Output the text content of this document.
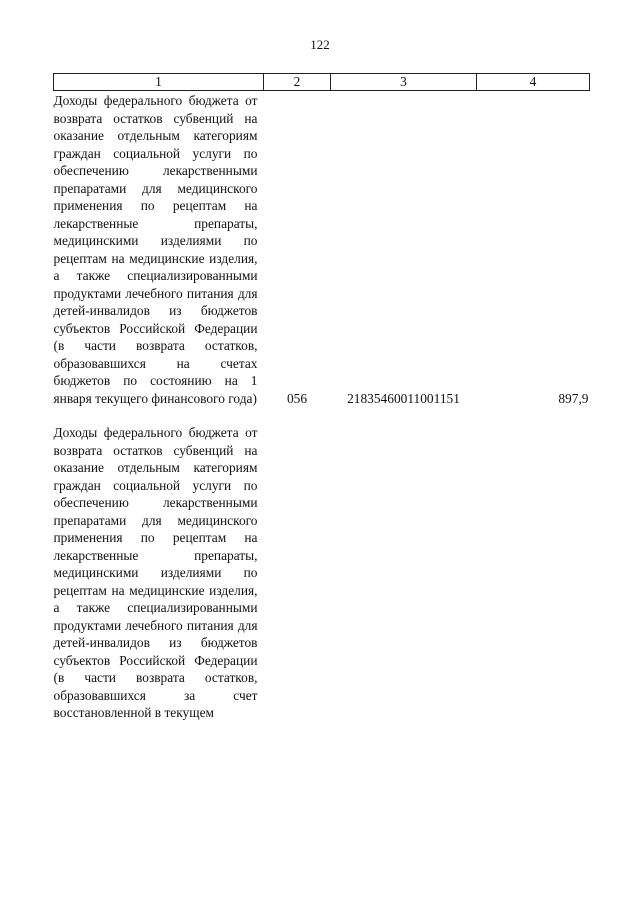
122
1	2	3	4
Доходы федерального бюджета от возврата остатков субвенций на оказание отдельным категориям граждан социальной услуги по обеспечению лекарственными препаратами для медицинского применения по рецептам на лекарственные препараты, медицинскими изделиями по рецептам на медицинские изделия, а также специализированными продуктами лечебного питания для детей-инвалидов из бюджетов субъектов Российской Федерации (в части возврата остатков, образовавшихся на счетах бюджетов по состоянию на 1 января текущего финансового года)	056	21835460011001151	897,9
Доходы федерального бюджета от возврата остатков субвенций на оказание отдельным категориям граждан социальной услуги по обеспечению лекарственными препаратами для медицинского применения по рецептам на лекарственные препараты, медицинскими изделиями по рецептам на медицинские изделия, а также специализированными продуктами лечебного питания для детей-инвалидов из бюджетов субъектов Российской Федерации (в части возврата остатков, образовавшихся за счет восстановленной в текущем			
